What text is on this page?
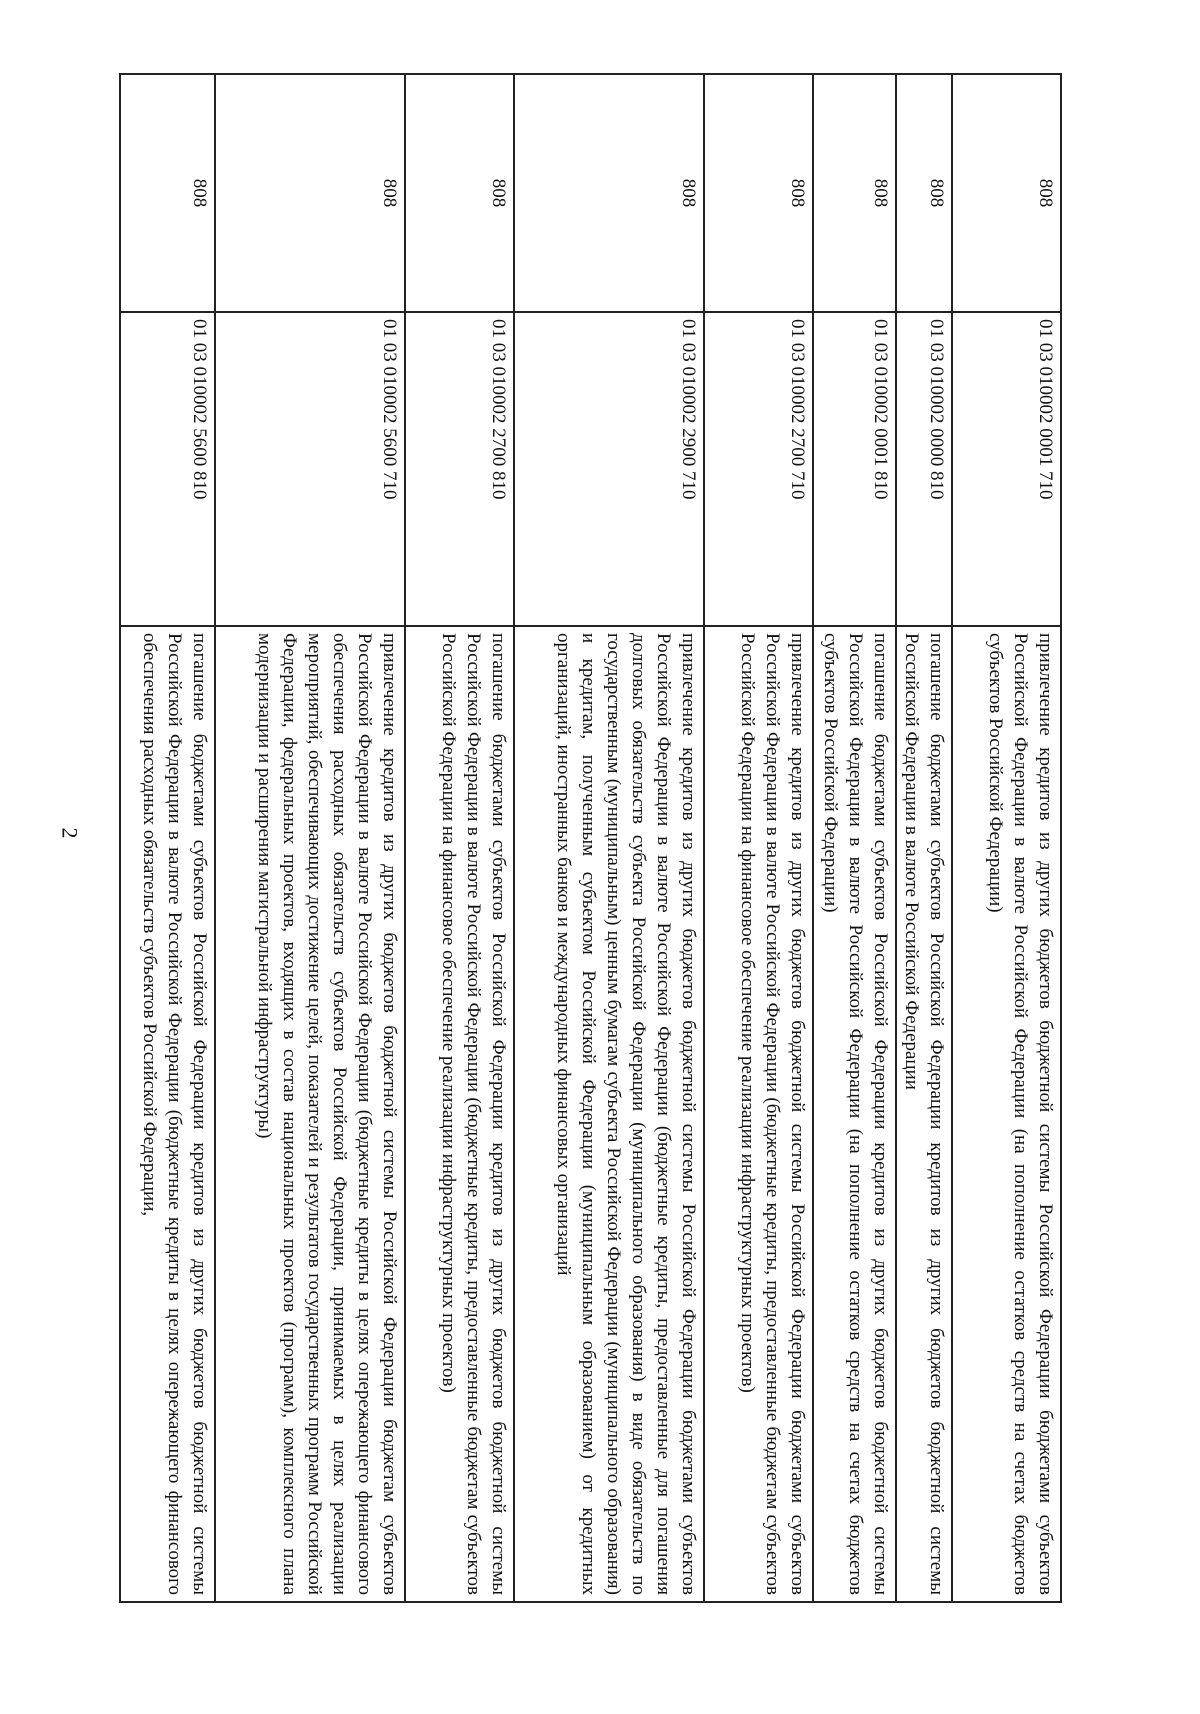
2
808	01 03 010002 0001 710	привлечение кредитов из других бюджетов бюджетной системы Российской Федерации бюджетами субъектов Российской Федерации в валюте Российской Федерации (на пополнение остатков средств на счетах бюджетов субъектов Российской Федерации)
808	01 03 010002 0000 810	погашение бюджетами субъектов Российской Федерации кредитов из других бюджетов бюджетной системы Российской Федерации в валюте Российской Федерации
808	01 03 010002 0001 810	погашение бюджетами субъектов Российской Федерации кредитов из других бюджетов бюджетной системы Российской Федерации в валюте Российской Федерации (на пополнение остатков средств на счетах бюджетов субъектов Российской Федерации)
808	01 03 010002 2700 710	привлечение кредитов из других бюджетов бюджетной системы Российской Федерации бюджетами субъектов Российской Федерации в валюте Российской Федерации (бюджетные кредиты, предоставленные бюджетам субъектов Российской Федерации на финансовое обеспечение реализации инфраструктурных проектов)
808	01 03 010002 2900 710	привлечение кредитов из других бюджетов бюджетной системы Российской Федерации бюджетами субъектов Российской Федерации в валюте Российской Федерации (бюджетные кредиты, предоставленные для погашения долговых обязательств субъекта Российской Федерации (муниципального образования) в виде обязательств по государственным (муниципальным) ценным бумагам субъекта Российской Федерации (муниципального образования) и кредитам, полученным субъектом Российской Федерации (муниципальным образованием) от кредитных организаций, иностранных банков и международных финансовых организаций
808	01 03 010002 2700 810	погашение бюджетами субъектов Российской Федерации кредитов из других бюджетов бюджетной системы Российской Федерации в валюте Российской Федерации (бюджетные кредиты, предоставленные бюджетам субъектов Российской Федерации на финансовое обеспечение реализации инфраструктурных проектов)
808	01 03 010002 5600 710	привлечение кредитов из других бюджетов бюджетной системы Российской Федерации бюджетам субъектов Российской Федерации в валюте Российской Федерации (бюджетные кредиты в целях опережающего финансового обеспечения расходных обязательств субъектов Российской Федерации, принимаемых в целях реализации мероприятий, обеспечивающих достижение целей, показателей и результатов государственных программ Российской Федерации, федеральных проектов, входящих в состав национальных проектов (программ), комплексного плана модернизации и расширения магистральной инфраструктуры)
808	01 03 010002 5600 810	погашение бюджетами субъектов Российской Федерации кредитов из других бюджетов бюджетной системы Российской Федерации в валюте Российской Федерации (бюджетные кредиты в целях опережающего финансового обеспечения расходных обязательств субъектов Российской Федерации,
